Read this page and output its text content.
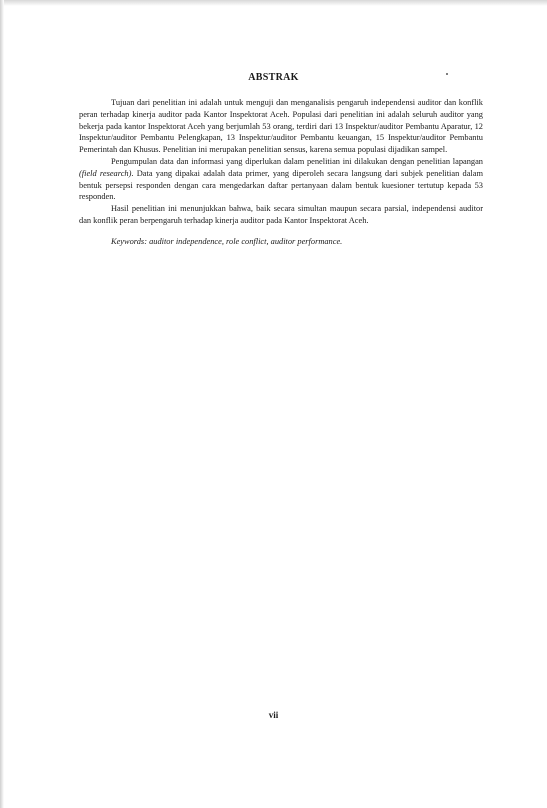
ABSTRAK

Tujuan dari penelitian ini adalah untuk menguji dan menganalisis pengaruh independensi auditor dan konflik peran terhadap kinerja auditor pada Kantor Inspektorat Aceh. Populasi dari penelitian ini adalah seluruh auditor yang bekerja pada kantor Inspektorat Aceh yang berjumlah 53 orang, terdiri dari 13 Inspektur/auditor Pembantu Aparatur, 12 Inspektur/auditor Pembantu Pelengkapan, 13 Inspektur/auditor Pembantu keuangan, 15 Inspektur/auditor Pembantu Pemerintah dan Khusus. Penelitian ini merupakan penelitian sensus, karena semua populasi dijadikan sampel.

Pengumpulan data dan informasi yang diperlukan dalam penelitian ini dilakukan dengan penelitian lapangan (field research). Data yang dipakai adalah data primer, yang diperoleh secara langsung dari subjek penelitian dalam bentuk persepsi responden dengan cara mengedarkan daftar pertanyaan dalam bentuk kuesioner tertutup kepada 53 responden.

Hasil penelitian ini menunjukkan bahwa, baik secara simultan maupun secara parsial, independensi auditor dan konflik peran berpengaruh terhadap kinerja auditor pada Kantor Inspektorat Aceh.

Keywords: auditor independence, role conflict, auditor performance.

vii
